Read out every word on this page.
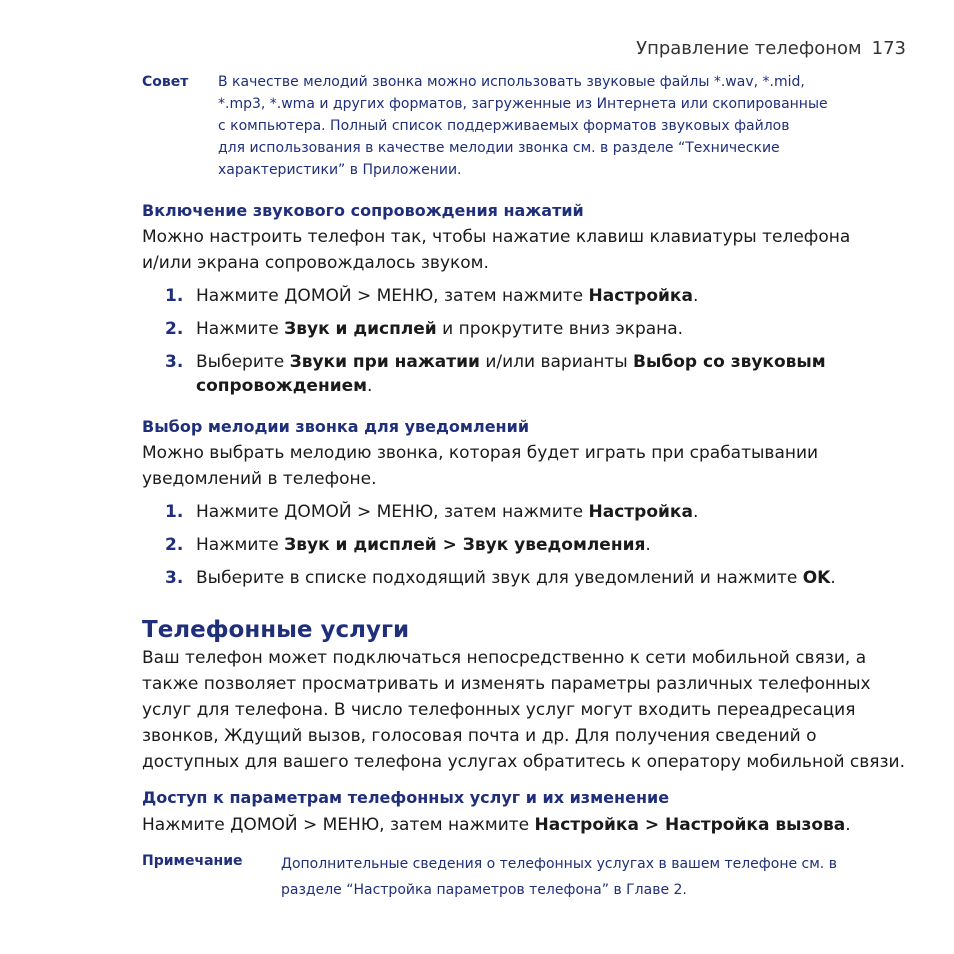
Управление телефоном 173
Совет В качестве мелодий звонка можно использовать звуковые файлы *.wav, *.mid,
*.mp3, *.wma и других форматов, загруженные из Интернета или скопированные
с компьютера. Полный список поддерживаемых форматов звуковых файлов
для использования в качестве мелодии звонка см. в разделе “Технические
характеристики” в Приложении.
Включение звукового сопровождения нажатий
Можно настроить телефон так, чтобы нажатие клавиш клавиатуры телефона
и/или экрана сопровождалось звуком.
1. Нажмите ДОМОЙ > МЕНЮ, затем нажмите Настройка.
2. Нажмите Звук и дисплей и прокрутите вниз экрана.
3. Выберите Звуки при нажатии и/или варианты Выбор со звуковым
сопровождением.
Выбор мелодии звонка для уведомлений
Можно выбрать мелодию звонка, которая будет играть при срабатывании
уведомлений в телефоне.
1. Нажмите ДОМОЙ > МЕНЮ, затем нажмите Настройка.
2. Нажмите Звук и дисплей > Звук уведомления.
3. Выберите в списке подходящий звук для уведомлений и нажмите OK.
Телефонные услуги
Ваш телефон может подключаться непосредственно к сети мобильной связи, а
также позволяет просматривать и изменять параметры различных телефонных
услуг для телефона. В число телефонных услуг могут входить переадресация
звонков, Ждущий вызов, голосовая почта и др. Для получения сведений о
доступных для вашего телефона услугах обратитесь к оператору мобильной связи.
Доступ к параметрам телефонных услуг и их изменение
Нажмите ДОМОЙ > МЕНЮ, затем нажмите Настройка > Настройка вызова.
Примечание	Дополнительные сведения о телефонных услугах в вашем телефоне см. в
разделе “Настройка параметров телефона” в Главе 2.
